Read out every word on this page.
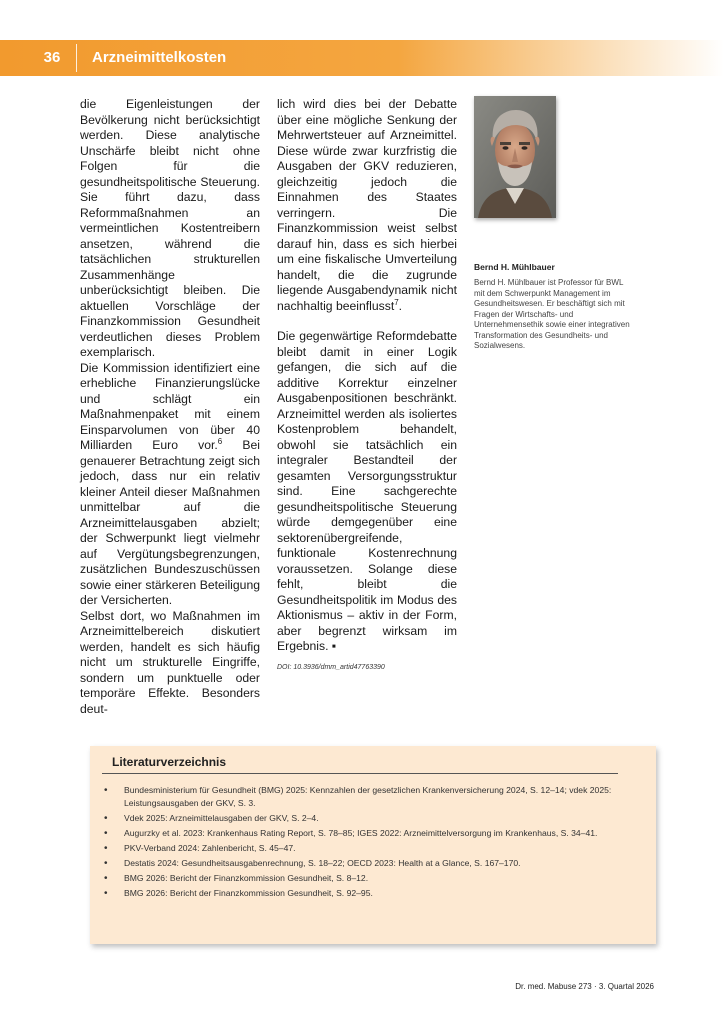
36	Arzneimittelkosten

die Eigenleistungen der Bevölkerung nicht berücksichtigt werden. Diese analytische Unschärfe bleibt nicht ohne Folgen für die gesundheitspolitische Steuerung. Sie führt dazu, dass Reformmaßnahmen an vermeintlichen Kostentreibern ansetzen, während die tatsächlichen strukturellen Zusammenhänge unberücksichtigt bleiben. Die aktuellen Vorschläge der Finanzkommission Gesundheit verdeutlichen dieses Problem exemplarisch.

Die Kommission identifiziert eine erhebliche Finanzierungslücke und schlägt ein Maßnahmenpaket mit einem Einsparvolumen von über 40 Milliarden Euro vor.$^6$ Bei genauerer Betrachtung zeigt sich jedoch, dass nur ein relativ kleiner Anteil dieser Maßnahmen unmittelbar auf die Arzneimittelausgaben abzielt; der Schwerpunkt liegt vielmehr auf Vergütungsbegrenzungen, zusätzlichen Bundeszuschüssen sowie einer stärkeren Beteiligung der Versicherten.

Selbst dort, wo Maßnahmen im Arzneimittelbereich diskutiert werden, handelt es sich häufig nicht um strukturelle Eingriffe, sondern um punktuelle oder temporäre Effekte. Besonders deut-

lich wird dies bei der Debatte über eine mögliche Senkung der Mehrwertsteuer auf Arzneimittel. Diese würde zwar kurzfristig die Ausgaben der GKV reduzieren, gleichzeitig jedoch die Einnahmen des Staates verringern. Die Finanzkommission weist selbst darauf hin, dass es sich hierbei um eine fiskalische Umverteilung handelt, die die zugrunde liegende Ausgabendynamik nicht nachhaltig beeinflusst$^7$.

Die gegenwärtige Reformdebatte bleibt damit in einer Logik gefangen, die sich auf die additive Korrektur einzelner Ausgabenpositionen beschränkt. Arzneimittel werden als isoliertes Kostenproblem behandelt, obwohl sie tatsächlich ein integraler Bestandteil der gesamten Versorgungsstruktur sind. Eine sachgerechte gesundheitspolitische Steuerung würde demgegenüber eine sektorenübergreifende, funktionale Kostenrechnung voraussetzen. Solange diese fehlt, bleibt die Gesundheitspolitik im Modus des Aktionismus – aktiv in der Form, aber begrenzt wirksam im Ergebnis. ▪

DOI: 10.3936/dmm_artid47763390
Bernd H. Mühlbauer
Bernd H. Mühlbauer ist Professor für BWL mit dem Schwerpunkt Management im Gesundheitswesen. Er beschäftigt sich mit Fragen der Wirtschafts- und Unternehmensethik sowie einer integrativen Transformation des Gesundheits- und Sozialwesens.
Literaturverzeichnis
• Bundesministerium für Gesundheit (BMG) 2025: Kennzahlen der gesetzlichen Krankenversicherung 2024, S. 12–14; vdek 2025: Leistungsausgaben der GKV, S. 3.
• Vdek 2025: Arzneimittelausgaben der GKV, S. 2–4.
• Augurzky et al. 2023: Krankenhaus Rating Report, S. 78–85; IGES 2022: Arzneimittelversorgung im Krankenhaus, S. 34–41.
• PKV-Verband 2024: Zahlenbericht, S. 45–47.
• Destatis 2024: Gesundheitsausgabenrechnung, S. 18–22; OECD 2023: Health at a Glance, S. 167–170.
• BMG 2026: Bericht der Finanzkommission Gesundheit, S. 8–12.
• BMG 2026: Bericht der Finanzkommission Gesundheit, S. 92–95.
Dr. med. Mabuse 273 · 3. Quartal 2026
